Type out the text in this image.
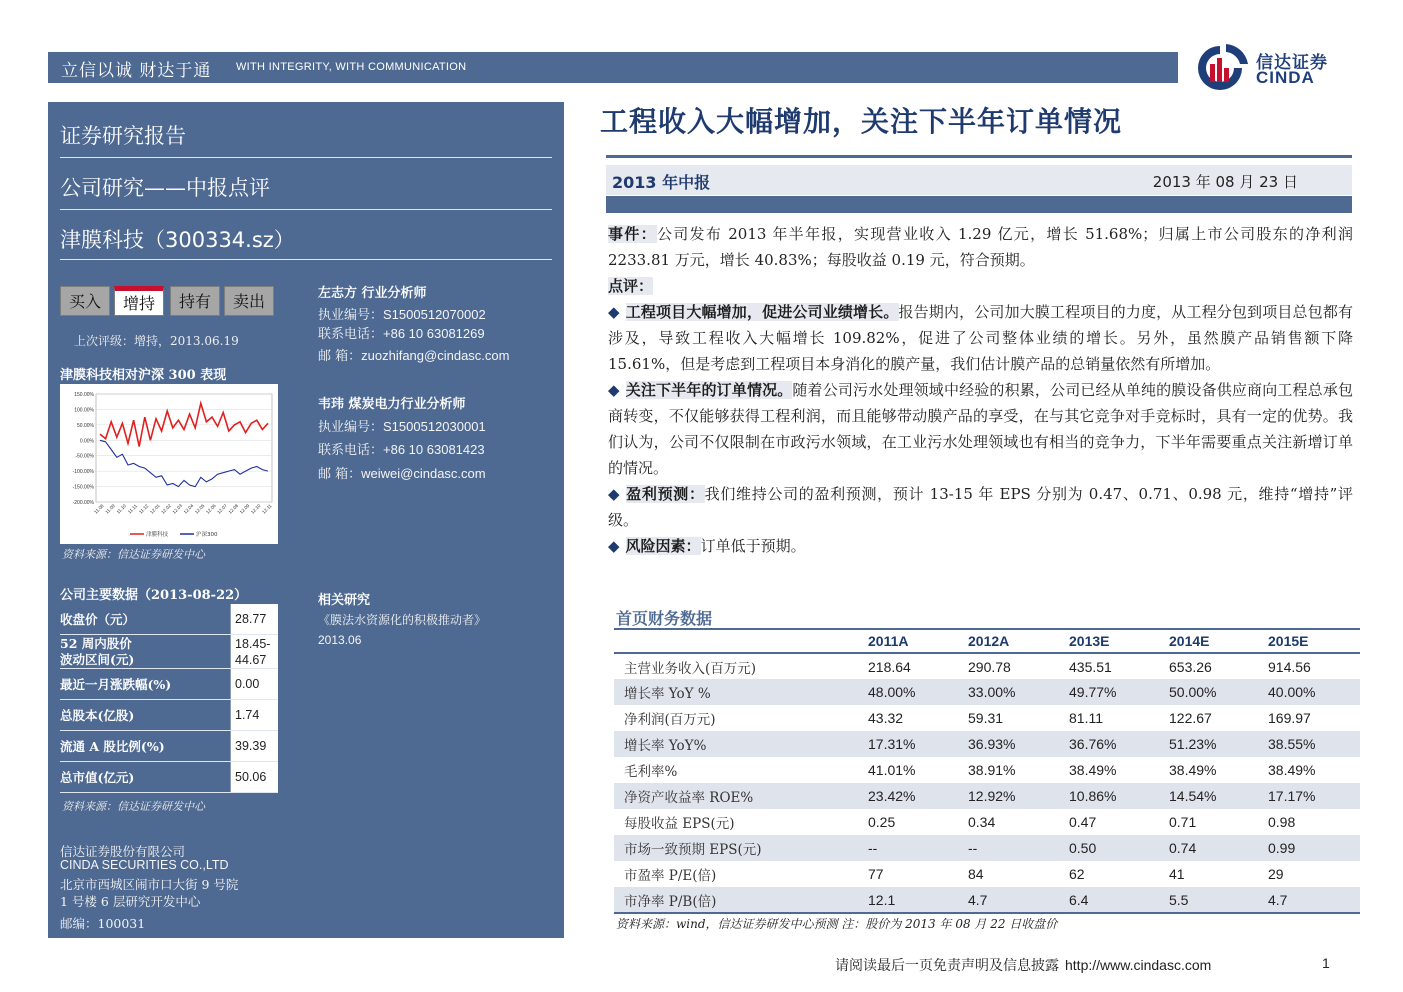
立信以诚 财达于通 WITH INTEGRITY, WITH COMMUNICATION	信达证券
CINDA
证券研究报告
公司研究——中报点评
津膜科技（300334.sz）
买入	增持	持有	卖出
上次评级：增持，2013.06.19
津膜科技相对沪深 300 表现
150.00%
100.00%
50.00%
0.00%
-50.00%
-100.00%
-150.00%
-200.00%
11.08 11.09 11.10 11.11 11.12 12.01 12.02 12.03 12.04 12.05 12.06 12.07 12.08 12.09 12.10 12.11
津膜科技	沪深300
资料来源：信达证券研发中心
左志方 行业分析师
执业编号：S1500512070002
联系电话：+86 10 63081269
邮 箱：zuozhifang@cindasc.com
韦玮 煤炭电力行业分析师
执业编号：S1500512030001
联系电话：+86 10 63081423
邮 箱：weiwei@cindasc.com
公司主要数据（2013-08-22）
收盘价（元）	28.77
52 周内股价
波动区间(元)
18.45-
44.67
最近一月涨跌幅(%)	0.00
总股本(亿股)	1.74
流通 A 股比例(%)	39.39
总市值(亿元)	50.06
资料来源：信达证券研发中心
相关研究
《膜法水资源化的积极推动者》
2013.06
信达证券股份有限公司
CINDA SECURITIES CO.,LTD
北京市西城区闹市口大街 9 号院
1 号楼 6 层研究开发中心
邮编：100031
工程收入大幅增加，关注下半年订单情况
2013 年中报	2013 年 08 月 23 日

事件：公司发布 2013 年半年报，实现营业收入 1.29 亿元，增长 51.68%；归属上市公司股东的净利润 2233.81 万元，增长 40.83%；每股收益 0.19 元，符合预期。

点评：

◆ 工程项目大幅增加，促进公司业绩增长。报告期内，公司加大膜工程项目的力度，从工程分包到项目总包都有涉及，导致工程收入大幅增长 109.82%，促进了公司整体业绩的增长。另外，虽然膜产品销售额下降 15.61%，但是考虑到工程项目本身消化的膜产量，我们估计膜产品的总销量依然有所增加。

◆ 关注下半年的订单情况。随着公司污水处理领域中经验的积累，公司已经从单纯的膜设备供应商向工程总承包商转变，不仅能够获得工程利润，而且能够带动膜产品的享受，在与其它竞争对手竞标时，具有一定的优势。我们认为，公司不仅限制在市政污水领域，在工业污水处理领域也有相当的竞争力，下半年需要重点关注新增订单的情况。

◆ 盈利预测：我们维持公司的盈利预测，预计 13-15 年 EPS 分别为 0.47、0.71、0.98 元，维持“增持”评级。

◆ 风险因素：订单低于预期。

首页财务数据
	2011A	2012A	2013E	2014E	2015E
主营业务收入(百万元)	218.64	290.78	435.51	653.26	914.56
增长率 YoY %	48.00%	33.00%	49.77%	50.00%	40.00%
净利润(百万元)	43.32	59.31	81.11	122.67	169.97
增长率 YoY%	17.31%	36.93%	36.76%	51.23%	38.55%
毛利率%	41.01%	38.91%	38.49%	38.49%	38.49%
净资产收益率 ROE%	23.42%	12.92%	10.86%	14.54%	17.17%
每股收益 EPS(元)	0.25	0.34	0.47	0.71	0.98
市场一致预期 EPS(元)	--	--	0.50	0.74	0.99
市盈率 P/E(倍)	77	84	62	41	29
市净率 P/B(倍)	12.1	4.7	6.4	5.5	4.7
资料来源：wind，信达证券研发中心预测 注：股价为 2013 年 08 月 22 日收盘价
请阅读最后一页免责声明及信息披露 http://www.cindasc.com	1
